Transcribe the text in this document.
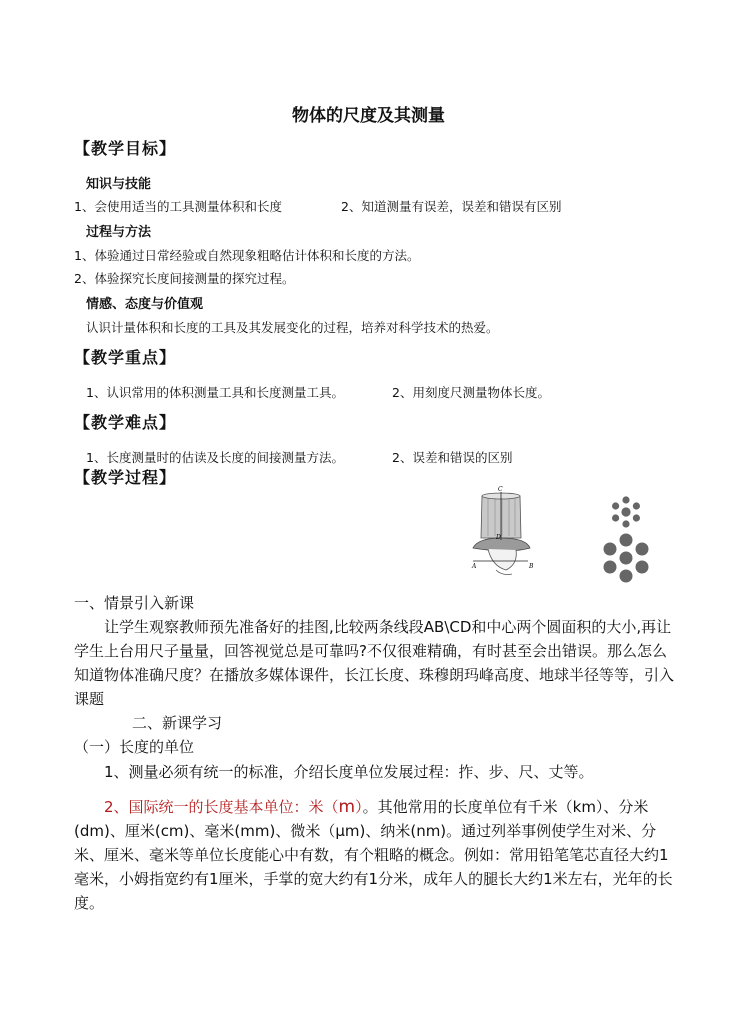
物体的尺度及其测量
【教学目标】
知识与技能
1、会使用适当的工具测量体积和长度	2、知道测量有误差，误差和错误有区别
过程与方法
1、体验通过日常经验或自然现象粗略估计体积和长度的方法。
2、体验探究长度间接测量的探究过程。
情感、态度与价值观
认识计量体积和长度的工具及其发展变化的过程，培养对科学技术的热爱。
【教学重点】
1、认识常用的体积测量工具和长度测量工具。	2、用刻度尺测量物体长度。
【教学难点】
1、长度测量时的估读及长度的间接测量方法。	2、误差和错误的区别
【教学过程】
C
D
A	B
一、情景引入新课
让学生观察教师预先准备好的挂图,比较两条线段AB\CD和中心两个圆面积的大小,再让学生上台用尺子量量，回答视觉总是可靠吗?不仅很难精确，有时甚至会出错误。那么怎么知道物体准确尺度？在播放多媒体课件，长江长度、珠穆朗玛峰高度、地球半径等等，引入课题
二、新课学习
（一）长度的单位
1、测量必须有统一的标准，介绍长度单位发展过程：拃、步、尺、丈等。
2、国际统一的长度基本单位：米（m）。其他常用的长度单位有千米（km）、分米(dm)、厘米(cm)、毫米(mm)、微米（μm)、纳米(nm)。通过列举事例使学生对米、分米、厘米、毫米等单位长度能心中有数，有个粗略的概念。例如：常用铅笔笔芯直径大约1毫米，小姆指宽约有1厘米，手掌的宽大约有1分米，成年人的腿长大约1米左右，光年的长度。
